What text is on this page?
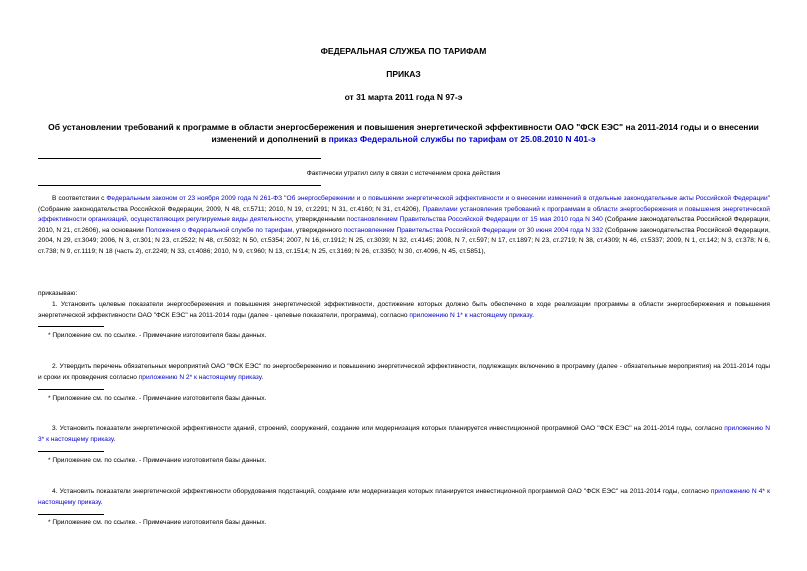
ФЕДЕРАЛЬНАЯ СЛУЖБА ПО ТАРИФАМ
ПРИКАЗ
от 31 марта 2011 года N 97-э
Об установлении требований к программе в области энергосбережения и повышения энергетической эффективности ОАО "ФСК ЕЭС" на 2011-2014 годы и о внесении изменений и дополнений в приказ Федеральной службы по тарифам от 25.08.2010 N 401-э
Фактически утратил силу в связи с истечением срока действия
В соответствии с Федеральным законом от 23 ноября 2009 года N 261-ФЗ "Об энергосбережении и о повышении энергетической эффективности и о внесении изменений в отдельные законодательные акты Российской Федерации" (Собрание законодательства Российской Федерации, 2009, N 48, ст.5711; 2010, N 19, ст.2291; N 31, ст.4160; N 31, ст.4206), Правилами установления требований к программам в области энергосбережения и повышения энергетической эффективности организаций, осуществляющих регулируемые виды деятельности, утвержденными постановлением Правительства Российской Федерации от 15 мая 2010 года N 340 (Собрание законодательства Российской Федерации, 2010, N 21, ст.2606), на основании Положения о Федеральной службе по тарифам, утвержденного постановлением Правительства Российской Федерации от 30 июня 2004 года N 332 (Собрание законодательства Российской Федерации, 2004, N 29, ст.3049; 2006, N 3, ст.301; N 23, ст.2522; N 48, ст.5032; N 50, ст.5354; 2007, N 16, ст.1912; N 25, ст.3039; N 32, ст.4145; 2008, N 7, ст.597; N 17, ст.1897; N 23, ст.2719; N 38, ст.4309; N 46, ст.5337; 2009, N 1, ст.142; N 3, ст.378; N 6, ст.738; N 9, ст.1119; N 18 (часть 2), ст.2249; N 33, ст.4086; 2010, N 9, ст.960; N 13, ст.1514; N 25, ст.3169; N 26, ст.3350; N 30, ст.4096, N 45, ст.5851),
приказываю:
1. Установить целевые показатели энергосбережения и повышения энергетической эффективности, достижение которых должно быть обеспечено в ходе реализации программы в области энергосбережения и повышения энергетической эффективности ОАО "ФСК ЕЭС" на 2011-2014 годы (далее - целевые показатели, программа), согласно приложению N 1* к настоящему приказу.
* Приложение см. по ссылке. - Примечание изготовителя базы данных.
2. Утвердить перечень обязательных мероприятий ОАО "ФСК ЕЭС" по энергосбережению и повышению энергетической эффективности, подлежащих включению в программу (далее - обязательные мероприятия) на 2011-2014 годы и сроки их проведения согласно приложению N 2* к настоящему приказу.
* Приложение см. по ссылке. - Примечание изготовителя базы данных.
3. Установить показатели энергетической эффективности зданий, строений, сооружений, создание или модернизация которых планируется инвестиционной программой ОАО "ФСК ЕЭС" на 2011-2014 годы, согласно приложению N 3* к настоящему приказу.
* Приложение см. по ссылке. - Примечание изготовителя базы данных.
4. Установить показатели энергетической эффективности оборудования подстанций, создание или модернизация которых планируется инвестиционной программой ОАО "ФСК ЕЭС" на 2011-2014 годы, согласно приложению N 4* к настоящему приказу.
* Приложение см. по ссылке. - Примечание изготовителя базы данных.
